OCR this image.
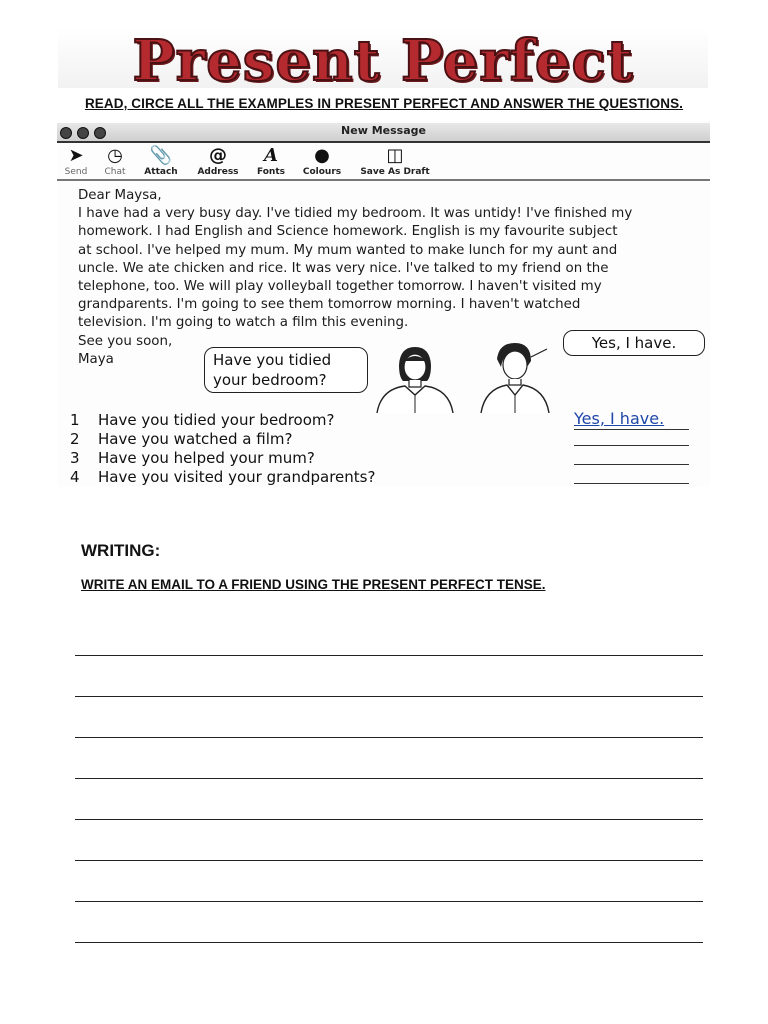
Present Perfect
READ, CIRCE ALL THE EXAMPLES IN PRESENT PERFECT AND ANSWER THE QUESTIONS.
New Message
➤
Send
◷
Chat
📎
Attach
@
Address
A
Fonts
●
Colours
◫
Save As Draft

Dear Maysa,

I have had a very busy day. I've tidied my bedroom. It was untidy! I've finished my

homework. I had English and Science homework. English is my favourite subject

at school. I've helped my mum. My mum wanted to make lunch for my aunt and

uncle. We ate chicken and rice. It was very nice. I've talked to my friend on the

telephone, too. We will play volleyball together tomorrow. I haven't visited my

grandparents. I'm going to see them tomorrow morning. I haven't watched

television. I'm going to watch a film this evening.

See you soon,

Maya	Have you tidied
your bedroom?
Yes, I have.
1 Have you tidied your bedroom?	Yes, I have.
2 Have you watched a film?
3 Have you helped your mum?
4 Have you visited your grandparents?
WRITING:
WRITE AN EMAIL TO A FRIEND USING THE PRESENT PERFECT TENSE.
